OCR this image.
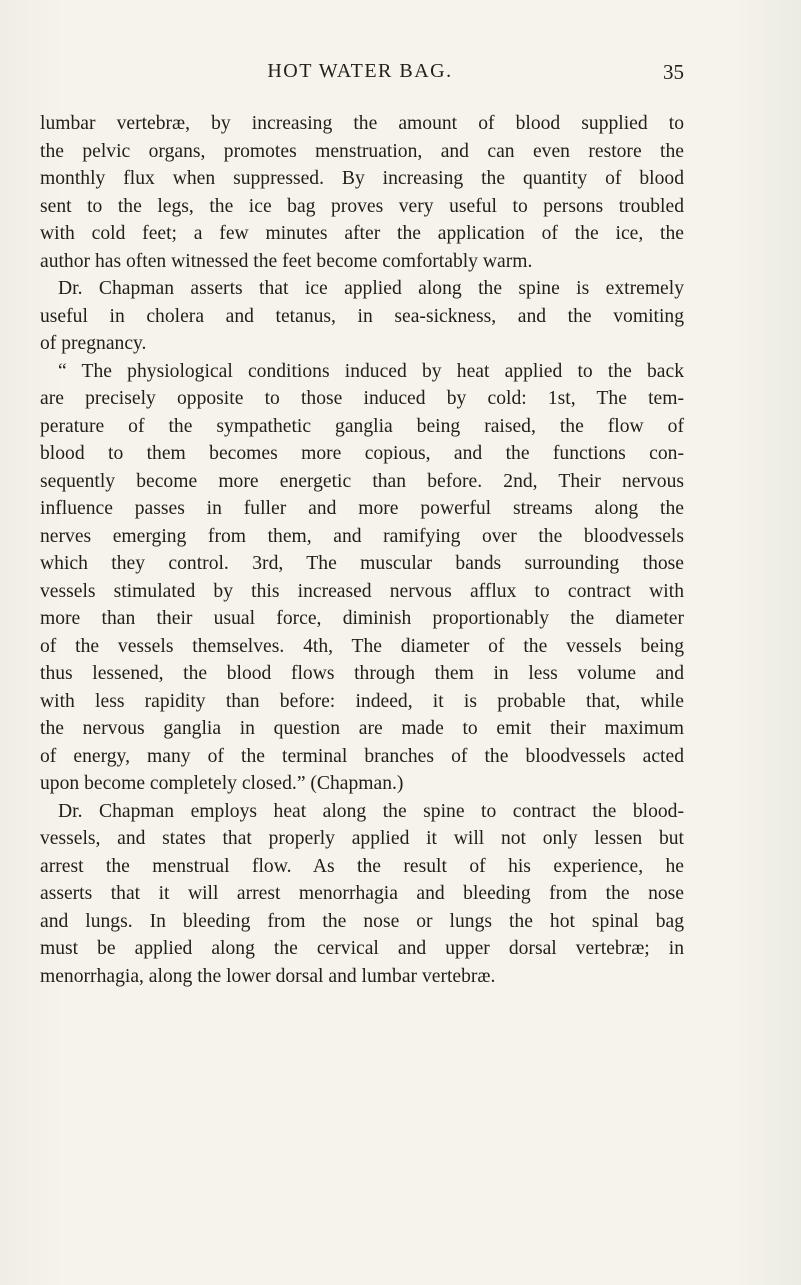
HOT WATER BAG.	35
lumbar vertebræ, by increasing the amount of blood supplied to
the pelvic organs, promotes menstruation, and can even restore the
monthly flux when suppressed. By increasing the quantity of blood
sent to the legs, the ice bag proves very useful to persons troubled
with cold feet; a few minutes after the application of the ice, the
author has often witnessed the feet become comfortably warm.
Dr. Chapman asserts that ice applied along the spine is extremely
useful in cholera and tetanus, in sea-sickness, and the vomiting
of pregnancy.
“ The physiological conditions induced by heat applied to the back
are precisely opposite to those induced by cold: 1st, The tem-
perature of the sympathetic ganglia being raised, the flow of
blood to them becomes more copious, and the functions con-
sequently become more energetic than before. 2nd, Their nervous
influence passes in fuller and more powerful streams along the
nerves emerging from them, and ramifying over the bloodvessels
which they control. 3rd, The muscular bands surrounding those
vessels stimulated by this increased nervous afflux to contract with
more than their usual force, diminish proportionably the diameter
of the vessels themselves. 4th, The diameter of the vessels being
thus lessened, the blood flows through them in less volume and
with less rapidity than before: indeed, it is probable that, while
the nervous ganglia in question are made to emit their maximum
of energy, many of the terminal branches of the bloodvessels acted
upon become completely closed.” (Chapman.)
Dr. Chapman employs heat along the spine to contract the blood-
vessels, and states that properly applied it will not only lessen but
arrest the menstrual flow. As the result of his experience, he
asserts that it will arrest menorrhagia and bleeding from the nose
and lungs. In bleeding from the nose or lungs the hot spinal bag
must be applied along the cervical and upper dorsal vertebræ; in
menorrhagia, along the lower dorsal and lumbar vertebræ.
